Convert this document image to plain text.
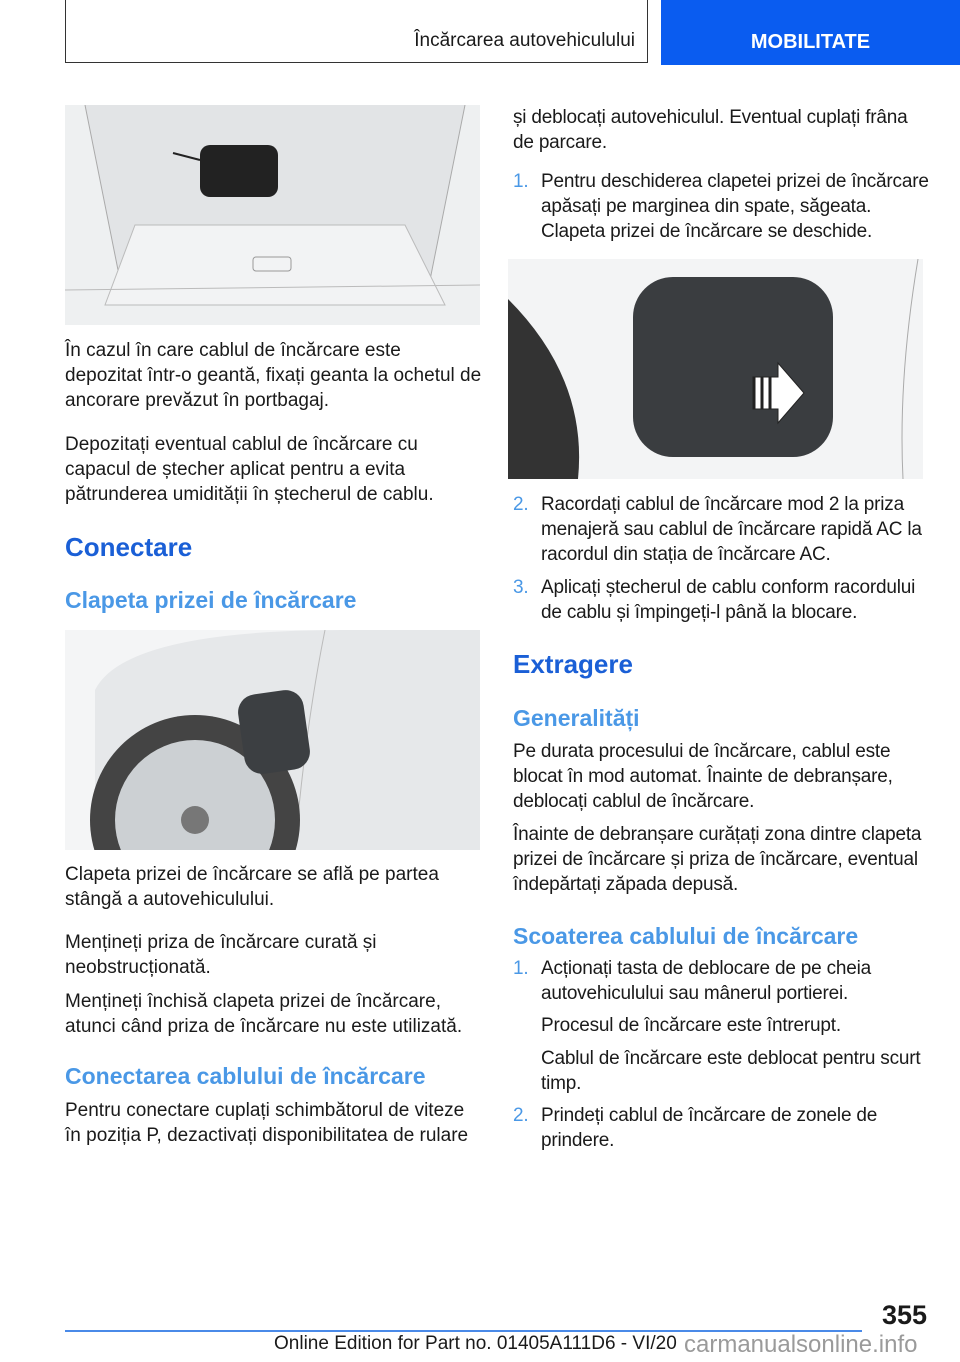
Încărcarea autovehiculului	MOBILITATE
În cazul în care cablul de încărcare este depozitat într-o geantă, fixați geanta la ochetul de ancorare prevăzut în portbagaj.
Depozitați eventual cablul de încărcare cu capacul de ștecher aplicat pentru a evita pătrunderea umidității în ștecherul de cablu.
Conectare
Clapeta prizei de încărcare
Clapeta prizei de încărcare se află pe partea stângă a autovehiculului.
Mențineți priza de încărcare curată și neobstrucționată.
Mențineți închisă clapeta prizei de încărcare, atunci când priza de încărcare nu este utilizată.
Conectarea cablului de încărcare
Pentru conectare cuplați schimbătorul de viteze în poziția P, dezactivați disponibilitatea de rulare
și deblocați autovehiculul. Eventual cuplați frâna de parcare.
1. Pentru deschiderea clapetei prizei de încărcare apăsați pe marginea din spate, săgeata. Clapeta prizei de încărcare se deschide.
2. Racordați cablul de încărcare mod 2 la priza menajeră sau cablul de încărcare rapidă AC la racordul din stația de încărcare AC.
3. Aplicați ștecherul de cablu conform racordului de cablu și împingeți-l până la blocare.
Extragere
Generalități
Pe durata procesului de încărcare, cablul este blocat în mod automat. Înainte de debranșare, deblocați cablul de încărcare.
Înainte de debranșare curățați zona dintre clapeta prizei de încărcare și priza de încărcare, eventual îndepărtați zăpada depusă.
Scoaterea cablului de încărcare
1. Acționați tasta de deblocare de pe cheia autovehiculului sau mânerul portierei.
Procesul de încărcare este întrerupt.
Cablul de încărcare este deblocat pentru scurt timp.
2. Prindeți cablul de încărcare de zonele de prindere.
355
Online Edition for Part no. 01405A111D6 - VI/20 carmanualsonline.info
